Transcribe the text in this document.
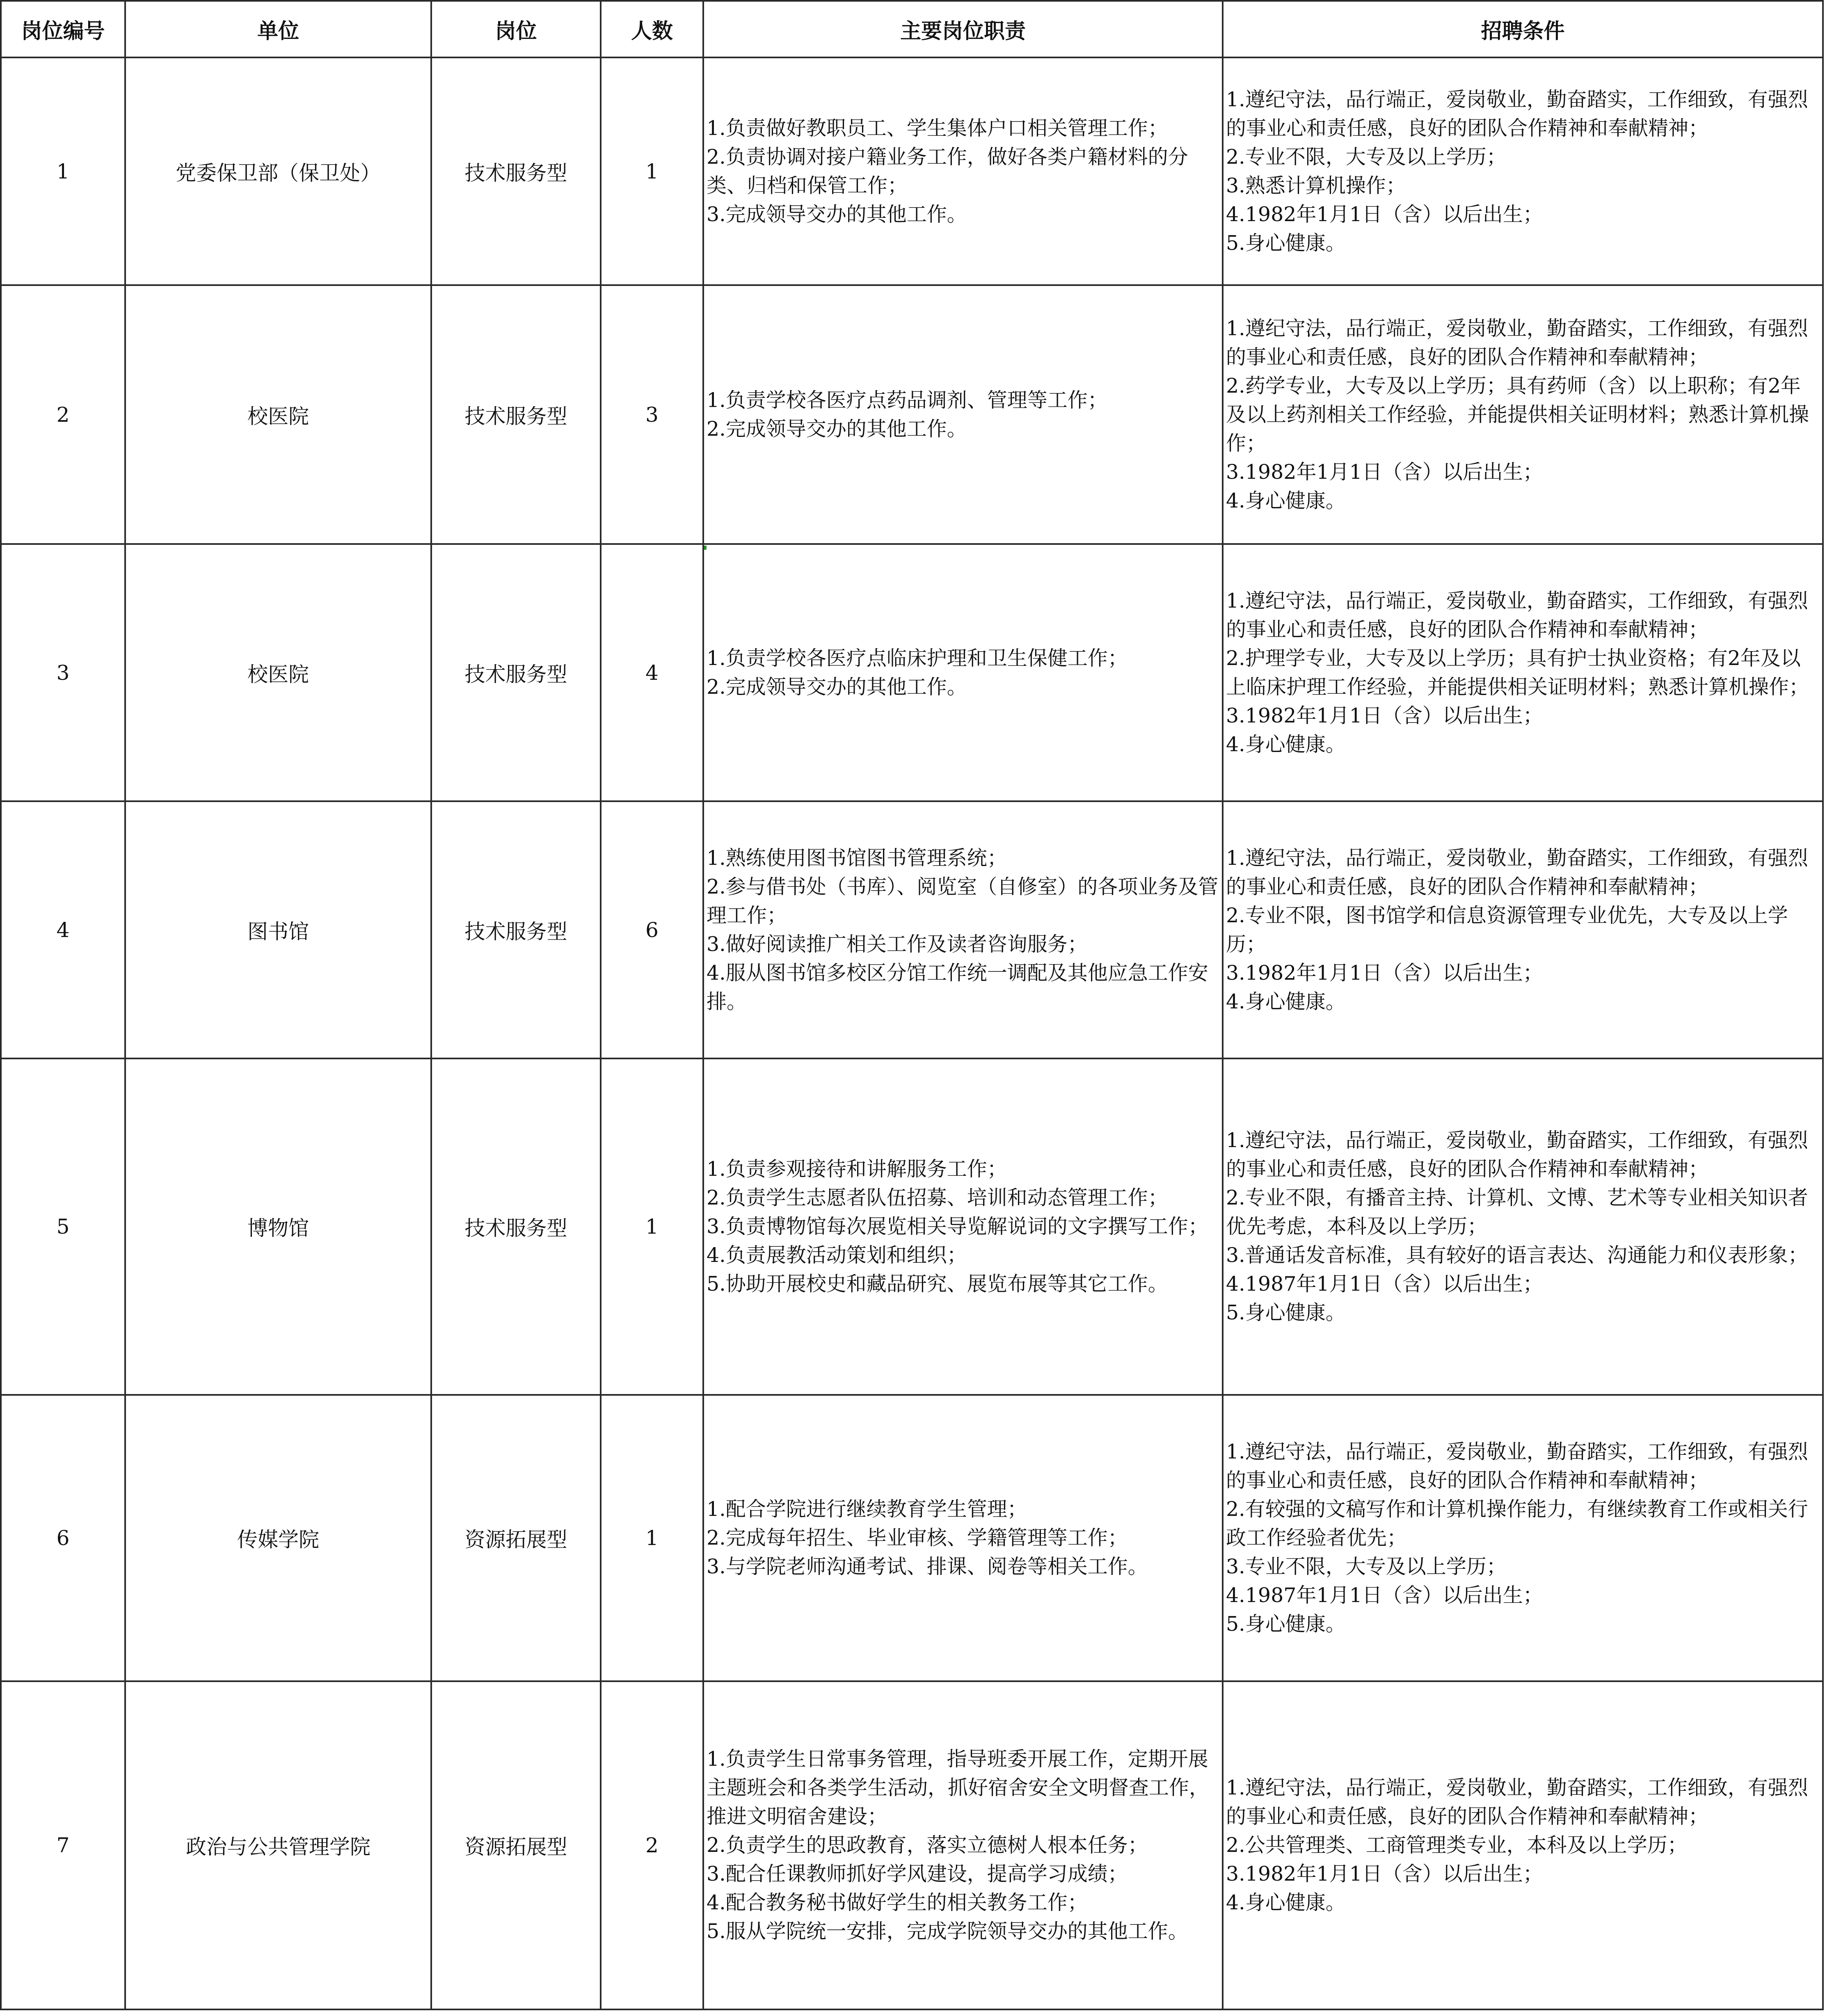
岗位编号	单位	岗位	人数	主要岗位职责	招聘条件
1	党委保卫部（保卫处）	技术服务型	1	1.负责做好教职员工、学生集体户口相关管理工作；
2.负责协调对接户籍业务工作，做好各类户籍材料的分类、归档和保管工作；
3.完成领导交办的其他工作。	1.遵纪守法，品行端正，爱岗敬业，勤奋踏实，工作细致，有强烈的事业心和责任感，良好的团队合作精神和奉献精神；
2.专业不限，大专及以上学历；
3.熟悉计算机操作；
4.1982年1月1日（含）以后出生；
5.身心健康。

2	校医院	技术服务型	3	1.负责学校各医疗点药品调剂、管理等工作；
2.完成领导交办的其他工作。	1.遵纪守法，品行端正，爱岗敬业，勤奋踏实，工作细致，有强烈的事业心和责任感，良好的团队合作精神和奉献精神；
2.药学专业，大专及以上学历；具有药师（含）以上职称；有2年及以上药剂相关工作经验，并能提供相关证明材料；熟悉计算机操作；
3.1982年1月1日（含）以后出生；
4.身心健康。

3	校医院	技术服务型	4	1.负责学校各医疗点临床护理和卫生保健工作；
2.完成领导交办的其他工作。	1.遵纪守法，品行端正，爱岗敬业，勤奋踏实，工作细致，有强烈的事业心和责任感，良好的团队合作精神和奉献精神；
2.护理学专业，大专及以上学历；具有护士执业资格；有2年及以上临床护理工作经验，并能提供相关证明材料；熟悉计算机操作；
3.1982年1月1日（含）以后出生；
4.身心健康。

4	图书馆	技术服务型	6	1.熟练使用图书馆图书管理系统；
2.参与借书处（书库）、阅览室（自修室）的各项业务及管理工作；
3.做好阅读推广相关工作及读者咨询服务；
4.服从图书馆多校区分馆工作统一调配及其他应急工作安排。	1.遵纪守法，品行端正，爱岗敬业，勤奋踏实，工作细致，有强烈的事业心和责任感，良好的团队合作精神和奉献精神；
2.专业不限，图书馆学和信息资源管理专业优先，大专及以上学历；
3.1982年1月1日（含）以后出生；
4.身心健康。

5	博物馆	技术服务型	1	1.负责参观接待和讲解服务工作；
2.负责学生志愿者队伍招募、培训和动态管理工作；
3.负责博物馆每次展览相关导览解说词的文字撰写工作；
4.负责展教活动策划和组织；
5.协助开展校史和藏品研究、展览布展等其它工作。	1.遵纪守法，品行端正，爱岗敬业，勤奋踏实，工作细致，有强烈的事业心和责任感，良好的团队合作精神和奉献精神；
2.专业不限，有播音主持、计算机、文博、艺术等专业相关知识者优先考虑，本科及以上学历；
3.普通话发音标准，具有较好的语言表达、沟通能力和仪表形象；
4.1987年1月1日（含）以后出生；
5.身心健康。

6	传媒学院	资源拓展型	1	1.配合学院进行继续教育学生管理；
2.完成每年招生、毕业审核、学籍管理等工作；
3.与学院老师沟通考试、排课、阅卷等相关工作。	1.遵纪守法，品行端正，爱岗敬业，勤奋踏实，工作细致，有强烈的事业心和责任感，良好的团队合作精神和奉献精神；
2.有较强的文稿写作和计算机操作能力，有继续教育工作或相关行政工作经验者优先；
3.专业不限，大专及以上学历；
4.1987年1月1日（含）以后出生；
5.身心健康。

7	政治与公共管理学院	资源拓展型	2	1.负责学生日常事务管理，指导班委开展工作，定期开展主题班会和各类学生活动，抓好宿舍安全文明督查工作，推进文明宿舍建设；
2.负责学生的思政教育，落实立德树人根本任务；
3.配合任课教师抓好学风建设，提高学习成绩；
4.配合教务秘书做好学生的相关教务工作；
5.服从学院统一安排，完成学院领导交办的其他工作。	1.遵纪守法，品行端正，爱岗敬业，勤奋踏实，工作细致，有强烈的事业心和责任感，良好的团队合作精神和奉献精神；
2.公共管理类、工商管理类专业，本科及以上学历；
3.1982年1月1日（含）以后出生；
4.身心健康。
